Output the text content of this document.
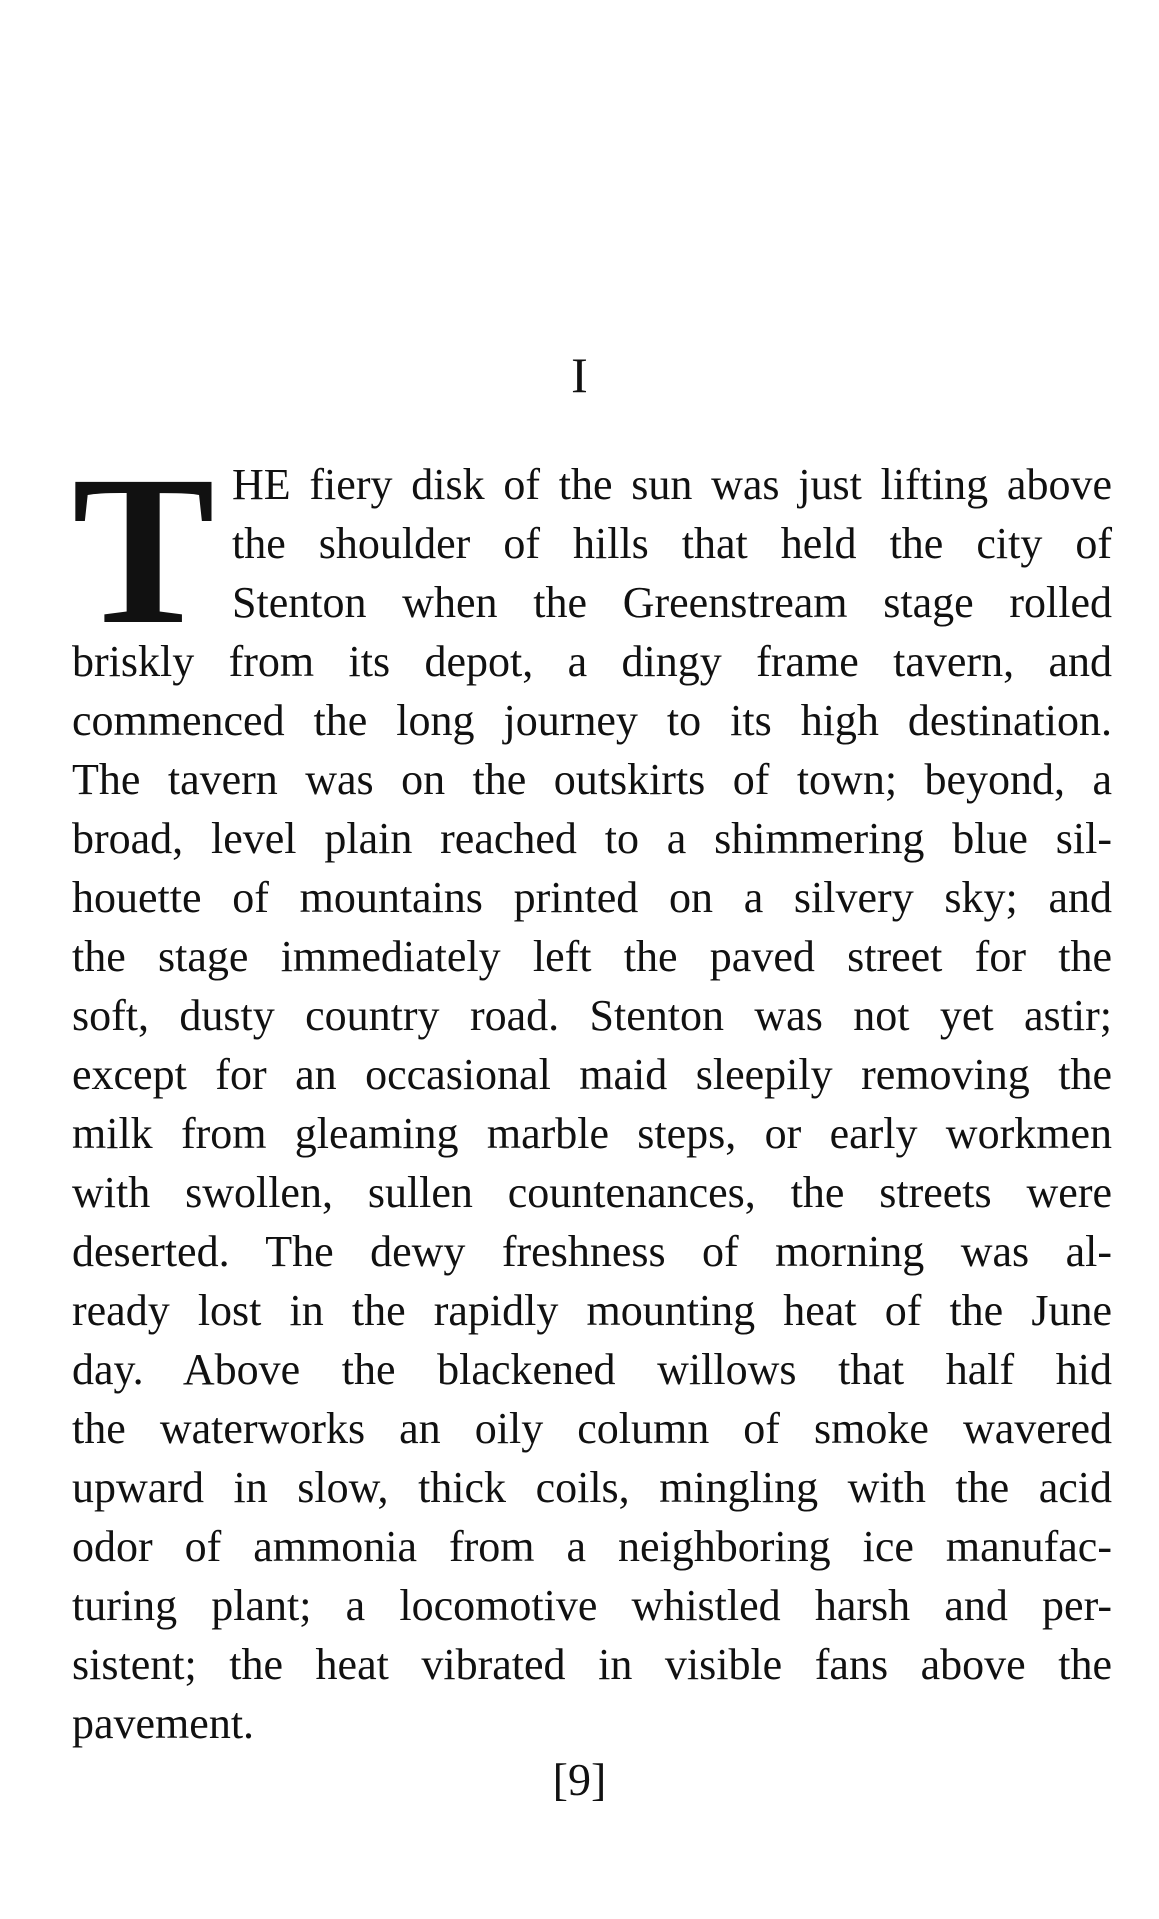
I
T HE fiery disk of the sun was just lifting above
the shoulder of hills that held the city of
Stenton when the Greenstream stage rolled
briskly from its depot, a dingy frame tavern, and
commenced the long journey to its high destination.
The tavern was on the outskirts of town; beyond, a
broad, level plain reached to a shimmering blue sil-
houette of mountains printed on a silvery sky; and
the stage immediately left the paved street for the
soft, dusty country road. Stenton was not yet astir;
except for an occasional maid sleepily removing the
milk from gleaming marble steps, or early workmen
with swollen, sullen countenances, the streets were
deserted. The dewy freshness of morning was al-
ready lost in the rapidly mounting heat of the June
day. Above the blackened willows that half hid
the waterworks an oily column of smoke wavered
upward in slow, thick coils, mingling with the acid
odor of ammonia from a neighboring ice manufac-
turing plant; a locomotive whistled harsh and per-
sistent; the heat vibrated in visible fans above the
pavement.
[9]
